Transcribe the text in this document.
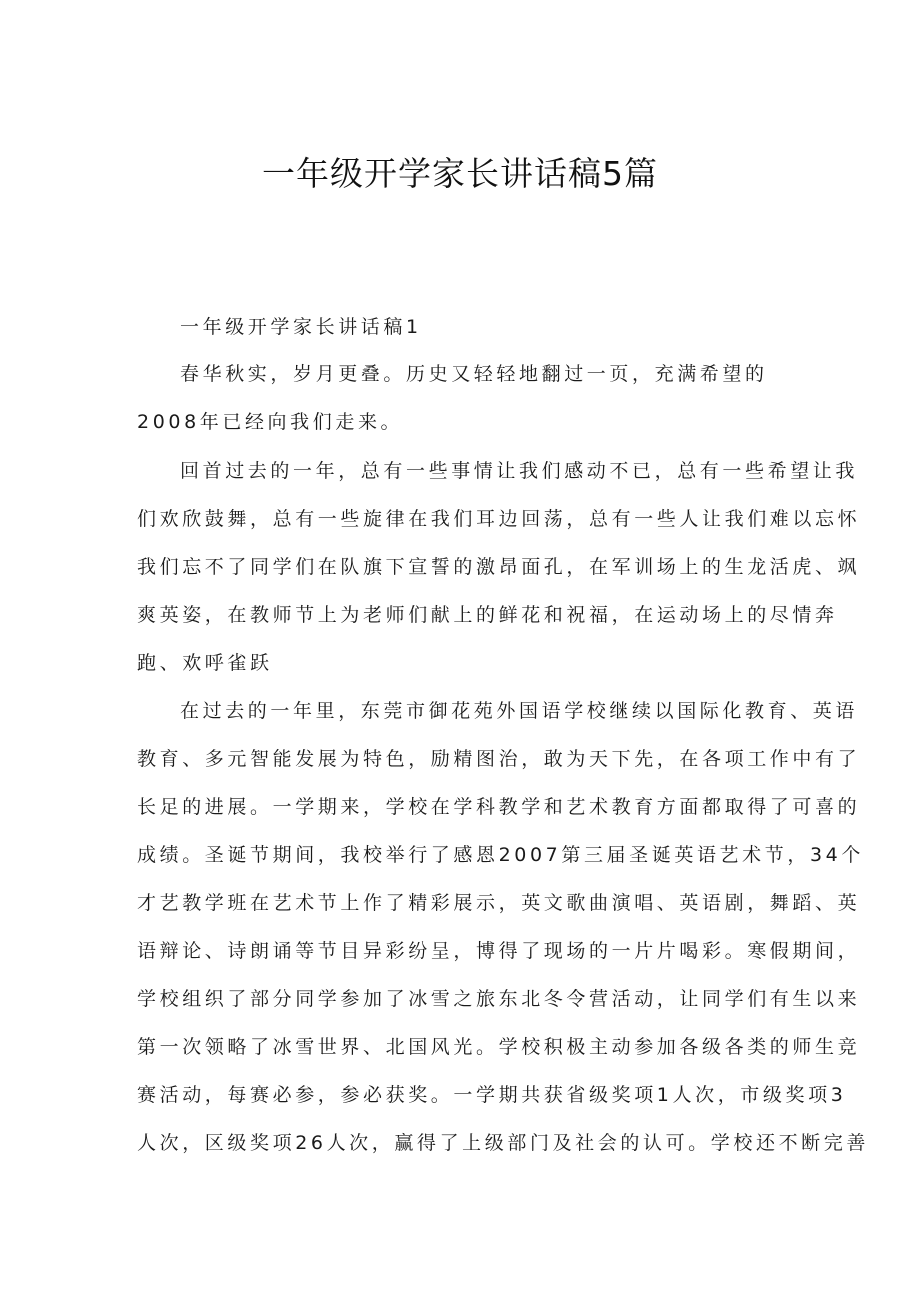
一年级开学家长讲话稿5篇
一年级开学家长讲话稿1
春华秋实，岁月更叠。历史又轻轻地翻过一页，充满希望的
2008年已经向我们走来。
回首过去的一年，总有一些事情让我们感动不已，总有一些希望让我
们欢欣鼓舞，总有一些旋律在我们耳边回荡，总有一些人让我们难以忘怀
我们忘不了同学们在队旗下宣誓的激昂面孔，在军训场上的生龙活虎、飒
爽英姿，在教师节上为老师们献上的鲜花和祝福，在运动场上的尽情奔
跑、欢呼雀跃
在过去的一年里，东莞市御花苑外国语学校继续以国际化教育、英语
教育、多元智能发展为特色，励精图治，敢为天下先，在各项工作中有了
长足的进展。一学期来，学校在学科教学和艺术教育方面都取得了可喜的
成绩。圣诞节期间，我校举行了感恩2007第三届圣诞英语艺术节，34个
才艺教学班在艺术节上作了精彩展示，英文歌曲演唱、英语剧，舞蹈、英
语辩论、诗朗诵等节目异彩纷呈，博得了现场的一片片喝彩。寒假期间，
学校组织了部分同学参加了冰雪之旅东北冬令营活动，让同学们有生以来
第一次领略了冰雪世界、北国风光。学校积极主动参加各级各类的师生竞
赛活动，每赛必参，参必获奖。一学期共获省级奖项1人次，市级奖项3
人次，区级奖项26人次，赢得了上级部门及社会的认可。学校还不断完善
